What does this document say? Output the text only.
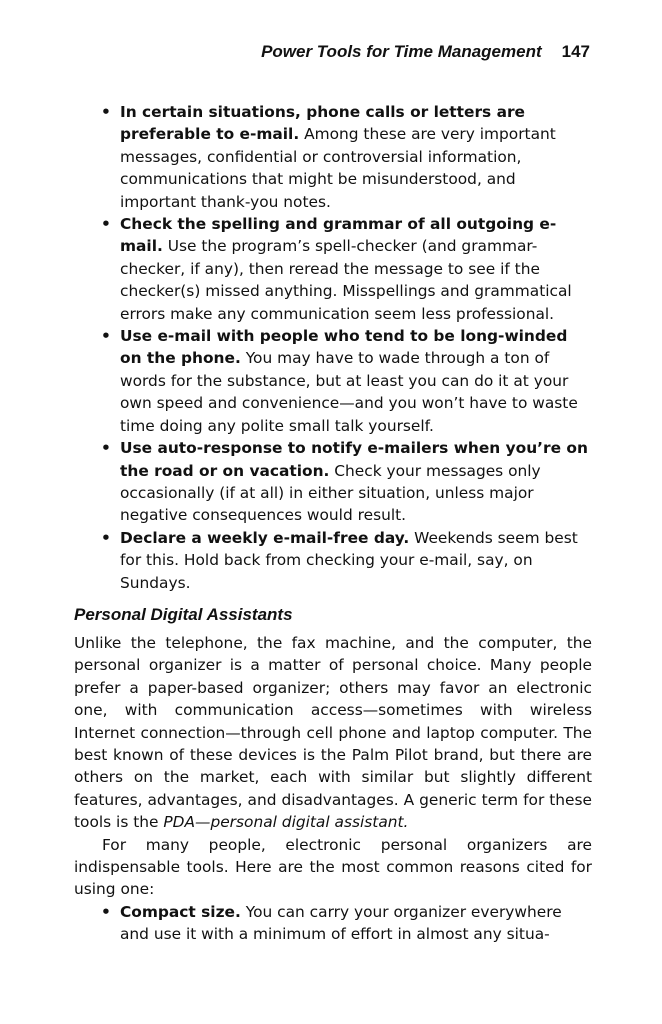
Power Tools for Time Management 147
• In certain situations, phone calls or letters are preferable to e-mail. Among these are very important messages, confidential or controversial information, communications that might be misunderstood, and important thank-you notes.
• Check the spelling and grammar of all outgoing e-mail. Use the program’s spell-checker (and grammar-checker, if any), then reread the message to see if the checker(s) missed anything. Misspellings and grammatical errors make any communication seem less professional.
• Use e-mail with people who tend to be long-winded on the phone. You may have to wade through a ton of words for the substance, but at least you can do it at your own speed and convenience—and you won’t have to waste time doing any polite small talk yourself.
• Use auto-response to notify e-mailers when you’re on the road or on vacation. Check your messages only occasionally (if at all) in either situation, unless major negative consequences would result.
• Declare a weekly e-mail-free day. Weekends seem best for this. Hold back from checking your e-mail, say, on Sundays.
Personal Digital Assistants

Unlike the telephone, the fax machine, and the computer, the personal organizer is a matter of personal choice. Many people prefer a paper-based organizer; others may favor an electronic one, with communication access—sometimes with wireless Internet connection—through cell phone and laptop computer. The best known of these devices is the Palm Pilot brand, but there are others on the market, each with similar but slightly different features, advantages, and disadvantages. A generic term for these tools is the PDA—personal digital assistant.

For many people, electronic personal organizers are indispensable tools. Here are the most common reasons cited for using one:

• Compact size. You can carry your organizer everywhere and use it with a minimum of effort in almost any situa-
